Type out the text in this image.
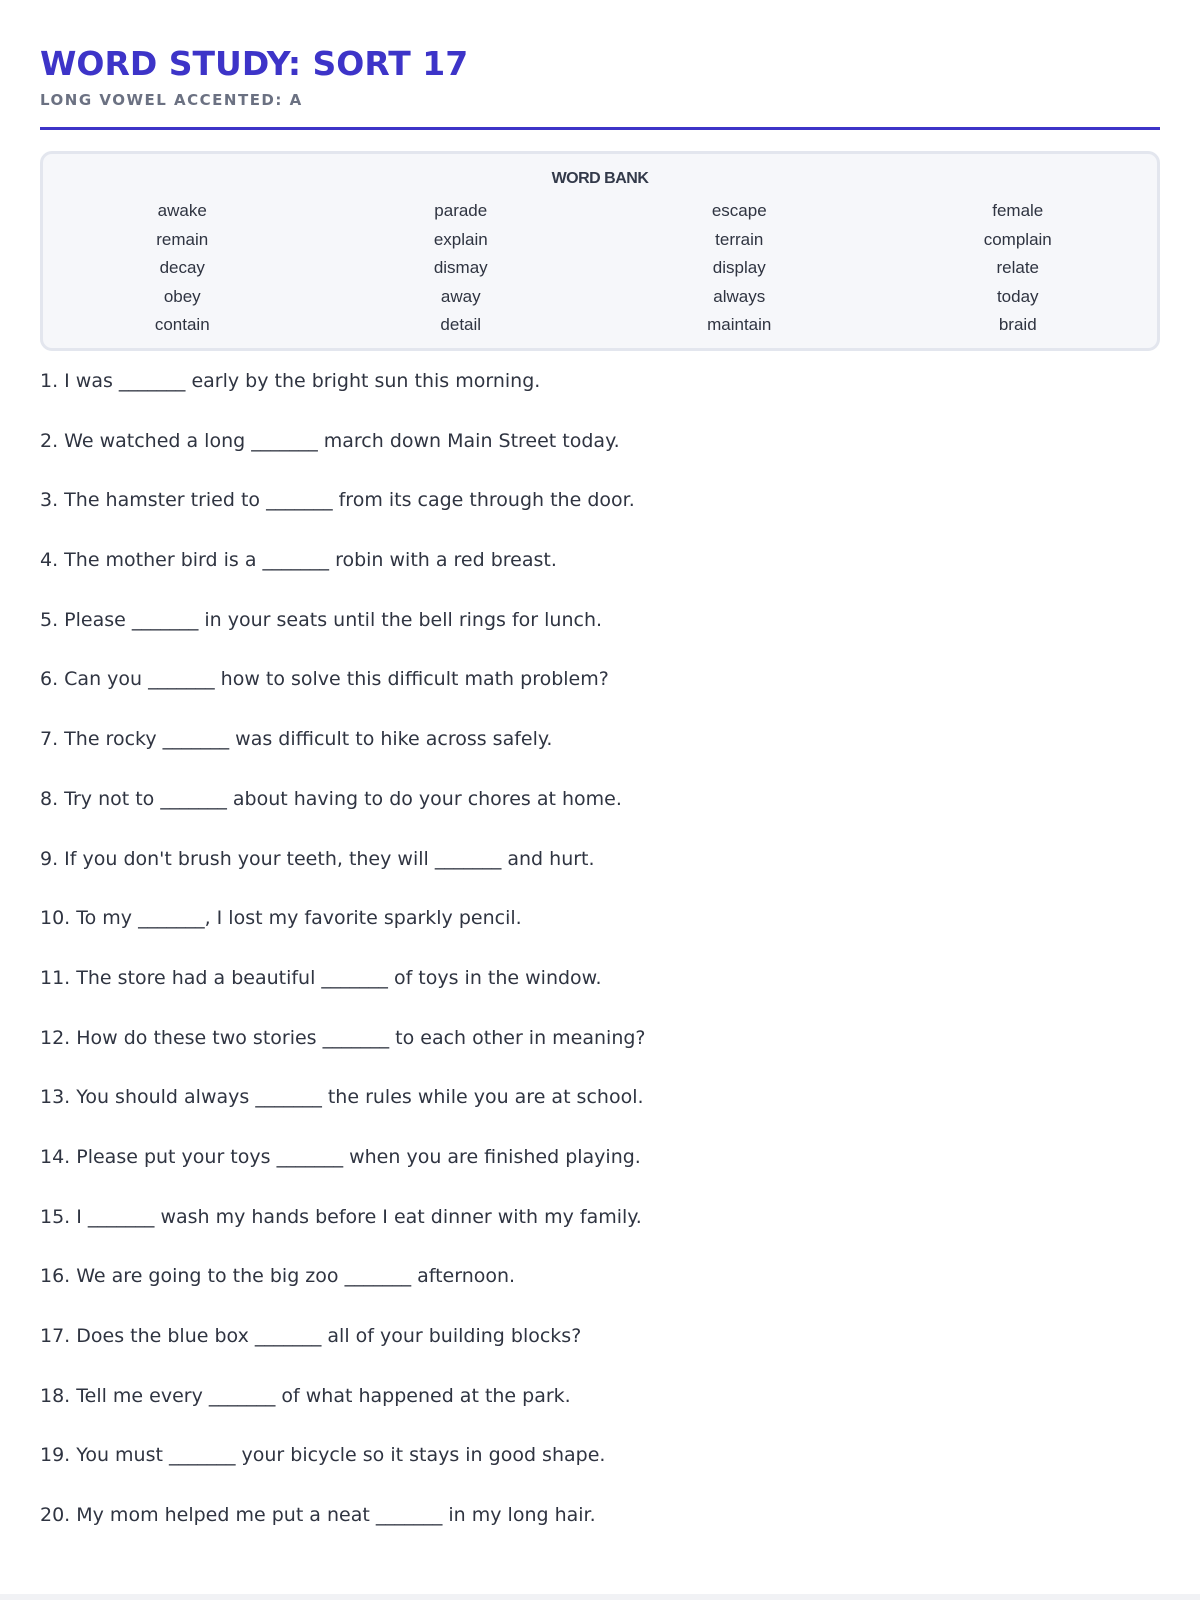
WORD STUDY: SORT 17
LONG VOWEL ACCENTED: A
WORD BANK
awake	parade	escape	female
remain	explain	terrain	complain
decay	dismay	display	relate
obey	away	always	today
contain	detail	maintain	braid
1. I was _______ early by the bright sun this morning.
2. We watched a long _______ march down Main Street today.
3. The hamster tried to _______ from its cage through the door.
4. The mother bird is a _______ robin with a red breast.
5. Please _______ in your seats until the bell rings for lunch.
6. Can you _______ how to solve this difficult math problem?
7. The rocky _______ was difficult to hike across safely.
8. Try not to _______ about having to do your chores at home.
9. If you don't brush your teeth, they will _______ and hurt.
10. To my _______, I lost my favorite sparkly pencil.
11. The store had a beautiful _______ of toys in the window.
12. How do these two stories _______ to each other in meaning?
13. You should always _______ the rules while you are at school.
14. Please put your toys _______ when you are finished playing.
15. I _______ wash my hands before I eat dinner with my family.
16. We are going to the big zoo _______ afternoon.
17. Does the blue box _______ all of your building blocks?
18. Tell me every _______ of what happened at the park.
19. You must _______ your bicycle so it stays in good shape.
20. My mom helped me put a neat _______ in my long hair.
